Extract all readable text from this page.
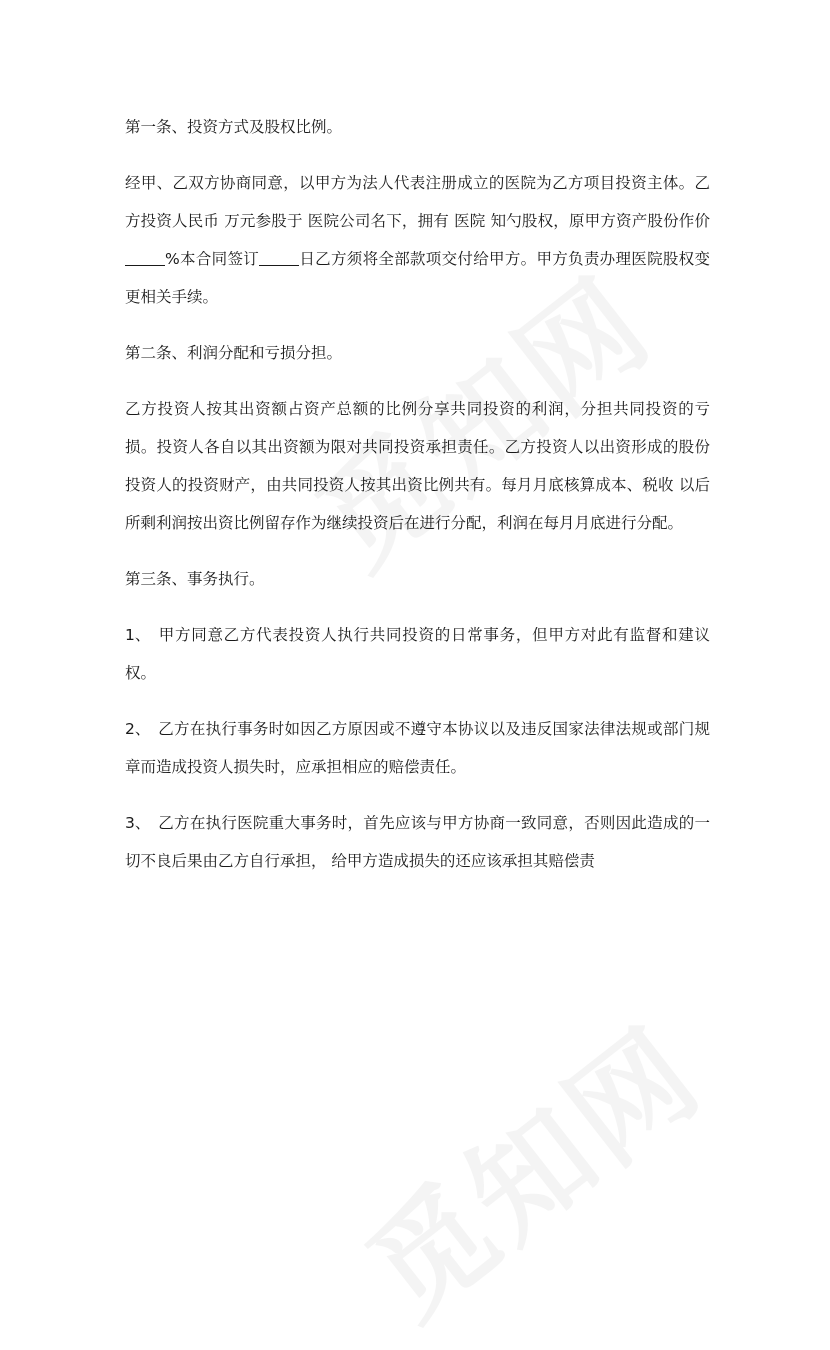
第一条、投资方式及股权比例。
经甲、乙双方协商同意，以甲方为法人代表注册成立的医院为乙方项目投资主体。乙方投资人民币 万元参股于 医院公司名下，拥有 医院 知勺股权，原甲方资产股份作价%本合同签订	日乙方须将全部款项交付给甲方。甲方负责办理医院股权变更相关手续。
第二条、利润分配和亏损分担。
乙方投资人按其出资额占资产总额的比例分享共同投资的利润，分担共同投资的亏损。投资人各自以其出资额为限对共同投资承担责任。乙方投资人以出资形成的股份投资人的投资财产，由共同投资人按其出资比例共有。每月月底核算成本、税收 以后所剩利润按出资比例留存作为继续投资后在进行分配，利润在每月月底进行分配。
第三条、事务执行。
1、 甲方同意乙方代表投资人执行共同投资的日常事务，但甲方对此有监督和建议权。
2、 乙方在执行事务时如因乙方原因或不遵守本协议以及违反国家法律法规或部门规章而造成投资人损失时，应承担相应的赔偿责任。
3、 乙方在执行医院重大事务时，首先应该与甲方协商一致同意，否则因此造成的一切不良后果由乙方自行承担， 给甲方造成损失的还应该承担其赔偿责
